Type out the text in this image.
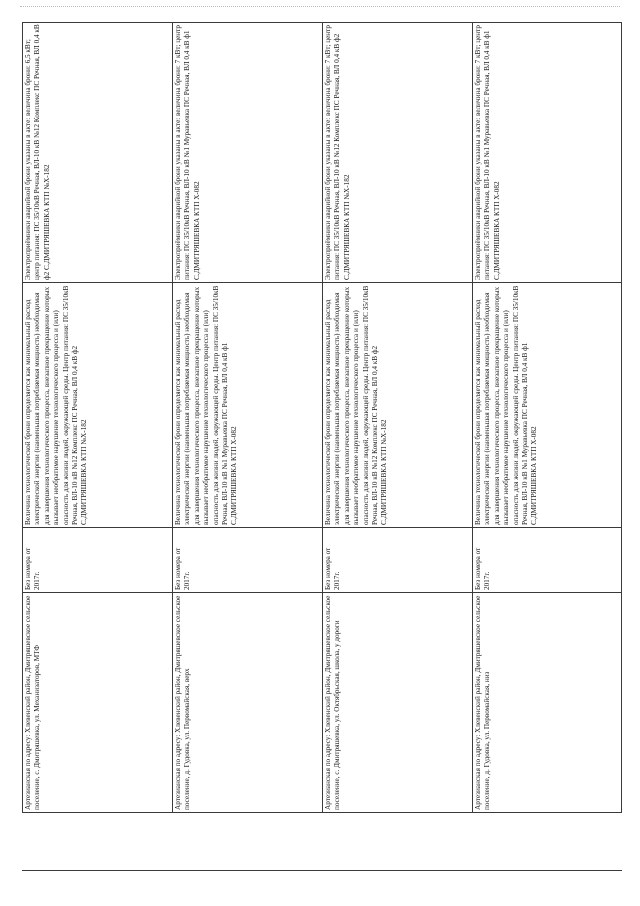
Электроприёмники аварийной брони указаны в акте: величина брони: 6,5 кВт; центр питания: ПС 35/10кВ Речная, ВЛ-10 кВ №12 Комплекс ПС Речная, ВЛ 0,4 кВ ф2 С.ДМИТРЯШЕВКА КТП №Х-182
Величина технологической брони определяется как минимальный расход электрической энергии (наименьшая потребляемая мощность) необходимая для завершения технологического процесса, внезапное прекращение которых вызывает необратимое нарушение технологического процесса и (или) опасность для жизни людей, окружающей среды. Центр питания: ПС 35/10кВ Речная, ВЛ-10 кВ №12 Комплекс ПС Речная, ВЛ 0,4 кВ ф2 С.ДМИТРЯШЕВКА КТП №Х-182
Без номера от 2017г.
Артезианская по адресу: Хлевенский район, Дмитряшевское сельское поселение, с. Дмитряшевка, ул. Механизаторов, МТФ
Электроприёмники аварийной брони указаны в акте: величина брони: 7 кВт; центр питания: ПС 35/10кВ Речная, ВЛ-10 кВ №1 Муравьевка ПС Речная, ВЛ 0,4 кВ ф1 С.ДМИТРЯШЕВКА КТП Х-082
Величина технологической брони определяется как минимальный расход электрической энергии (наименьшая потребляемая мощность) необходимая для завершения технологического процесса, внезапное прекращение которых вызывает необратимое нарушение технологического процесса и (или) опасность для жизни людей, окружающей среды. Центр питания: ПС 35/10кВ Речная, ВЛ-10 кВ №1 Муравьевка ПС Речная, ВЛ 0,4 кВ ф1 С.ДМИТРЯШЕВКА КТП Х-082
Без номера от 2017г.
Артезианская по адресу: Хлевенский район, Дмитряшевское сельское поселение, д. Гудовка, ул. Первомайская, верх
Электроприёмники аварийной брони указаны в акте: величина брони: 7 кВт; центр питания: ПС 35/10кВ Речная, ВЛ-10 кВ №12 Комплекс ПС Речная, ВЛ 0,4 кВ ф2 С.ДМИТРЯШЕВКА КТП №Х-182
Величина технологической брони определяется как минимальный расход электрической энергии (наименьшая потребляемая мощность) необходимая для завершения технологического процесса, внезапное прекращение которых вызывает необратимое нарушение технологического процесса и (или) опасность для жизни людей, окружающей среды. Центр питания: ПС 35/10кВ Речная, ВЛ-10 кВ №12 Комплекс ПС Речная, ВЛ 0,4 кВ ф2 С.ДМИТРЯШЕВКА КТП №Х-182
Без номера от 2017г.
Артезианская по адресу: Хлевенский район, Дмитряшевское сельское поселение, с. Дмитряшевка, ул. Октябрьская, школа, у дороги
Электроприёмники аварийной брони указаны в акте: величина брони: 7 кВт; центр питания: ПС 35/10кВ Речная, ВЛ-10 кВ №1 Муравьевка ПС Речная, ВЛ 0,4 кВ ф1 С.ДМИТРЯШЕВКА КТП Х-082
Величина технологической брони определяется как минимальный расход электрической энергии (наименьшая потребляемая мощность) необходимая для завершения технологического процесса, внезапное прекращение которых вызывает необратимое нарушение технологического процесса и (или) опасность для жизни людей, окружающей среды. Центр питания: ПС 35/10кВ Речная, ВЛ-10 кВ №1 Муравьевка ПС Речная, ВЛ 0,4 кВ ф1 С.ДМИТРЯШЕВКА КТП Х-082
Без номера от 2017г.
Артезианская по адресу: Хлевенский район, Дмитряшевское сельское поселение, д. Гудовка, ул. Первомайская, низ
